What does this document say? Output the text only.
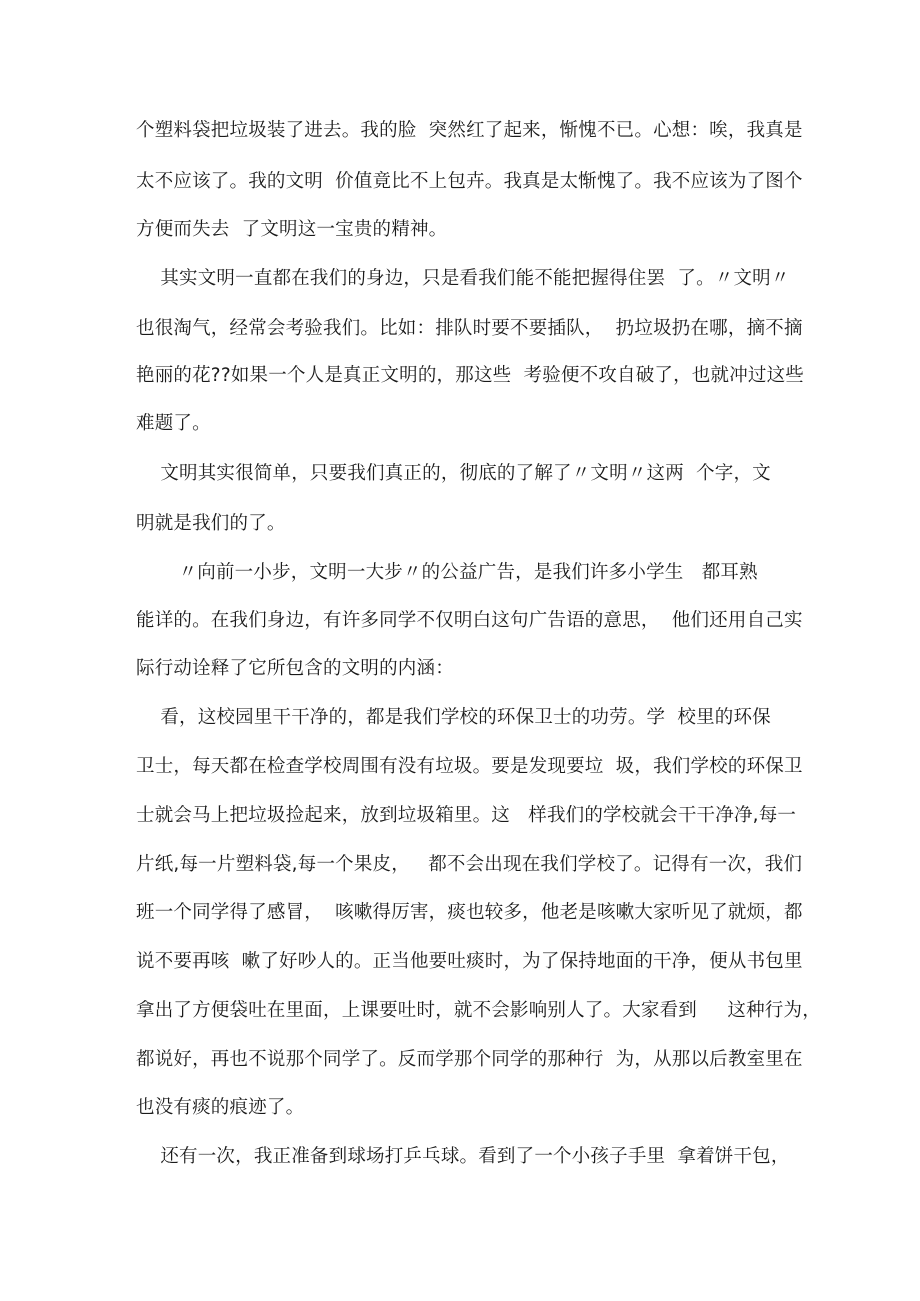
个塑料袋把垃圾装了进去。我的脸  突然红了起来，惭愧不已。心想：唉，我真是
太不应该了。我的文明  价值竟比不上包卉。我真是太惭愧了。我不应该为了图个
方便而失去  了文明这一宝贵的精神。
其实文明一直都在我们的身边，只是看我们能不能把握得住罢  了。〃文明〃
也很淘气，经常会考验我们。比如：排队时要不要插队，  扔垃圾扔在哪，摘不摘
艳丽的花??如果一个人是真正文明的，那这些  考验便不攻自破了，也就冲过这些
难题了。
文明其实很简单，只要我们真正的，彻底的了解了〃文明〃这两  个字，文
明就是我们的了。
〃向前一小步，文明一大步〃的公益广告，是我们许多小学生   都耳熟
能详的。在我们身边，有许多同学不仅明白这句广告语的意思，  他们还用自己实
际行动诠释了它所包含的文明的内涵：
看，这校园里干干净的，都是我们学校的环保卫士的功劳。学  校里的环保
卫士，每天都在检查学校周围有没有垃圾。要是发现要垃  圾，我们学校的环保卫
士就会马上把垃圾捡起来，放到垃圾箱里。这   样我们的学校就会干干净净,每一
片纸,每一片塑料袋,每一个果皮，   都不会出现在我们学校了。记得有一次，我们
班一个同学得了感冒，  咳嗽得厉害，痰也较多，他老是咳嗽大家听见了就烦，都
说不要再咳  嗽了好吵人的。正当他要吐痰时，为了保持地面的干净，便从书包里
拿出了方便袋吐在里面，上课要吐时，就不会影响别人了。大家看到     这种行为，
都说好，再也不说那个同学了。反而学那个同学的那种行  为，从那以后教室里在
也没有痰的痕迹了。
还有一次，我正准备到球场打乒乓球。看到了一个小孩子手里  拿着饼干包，
